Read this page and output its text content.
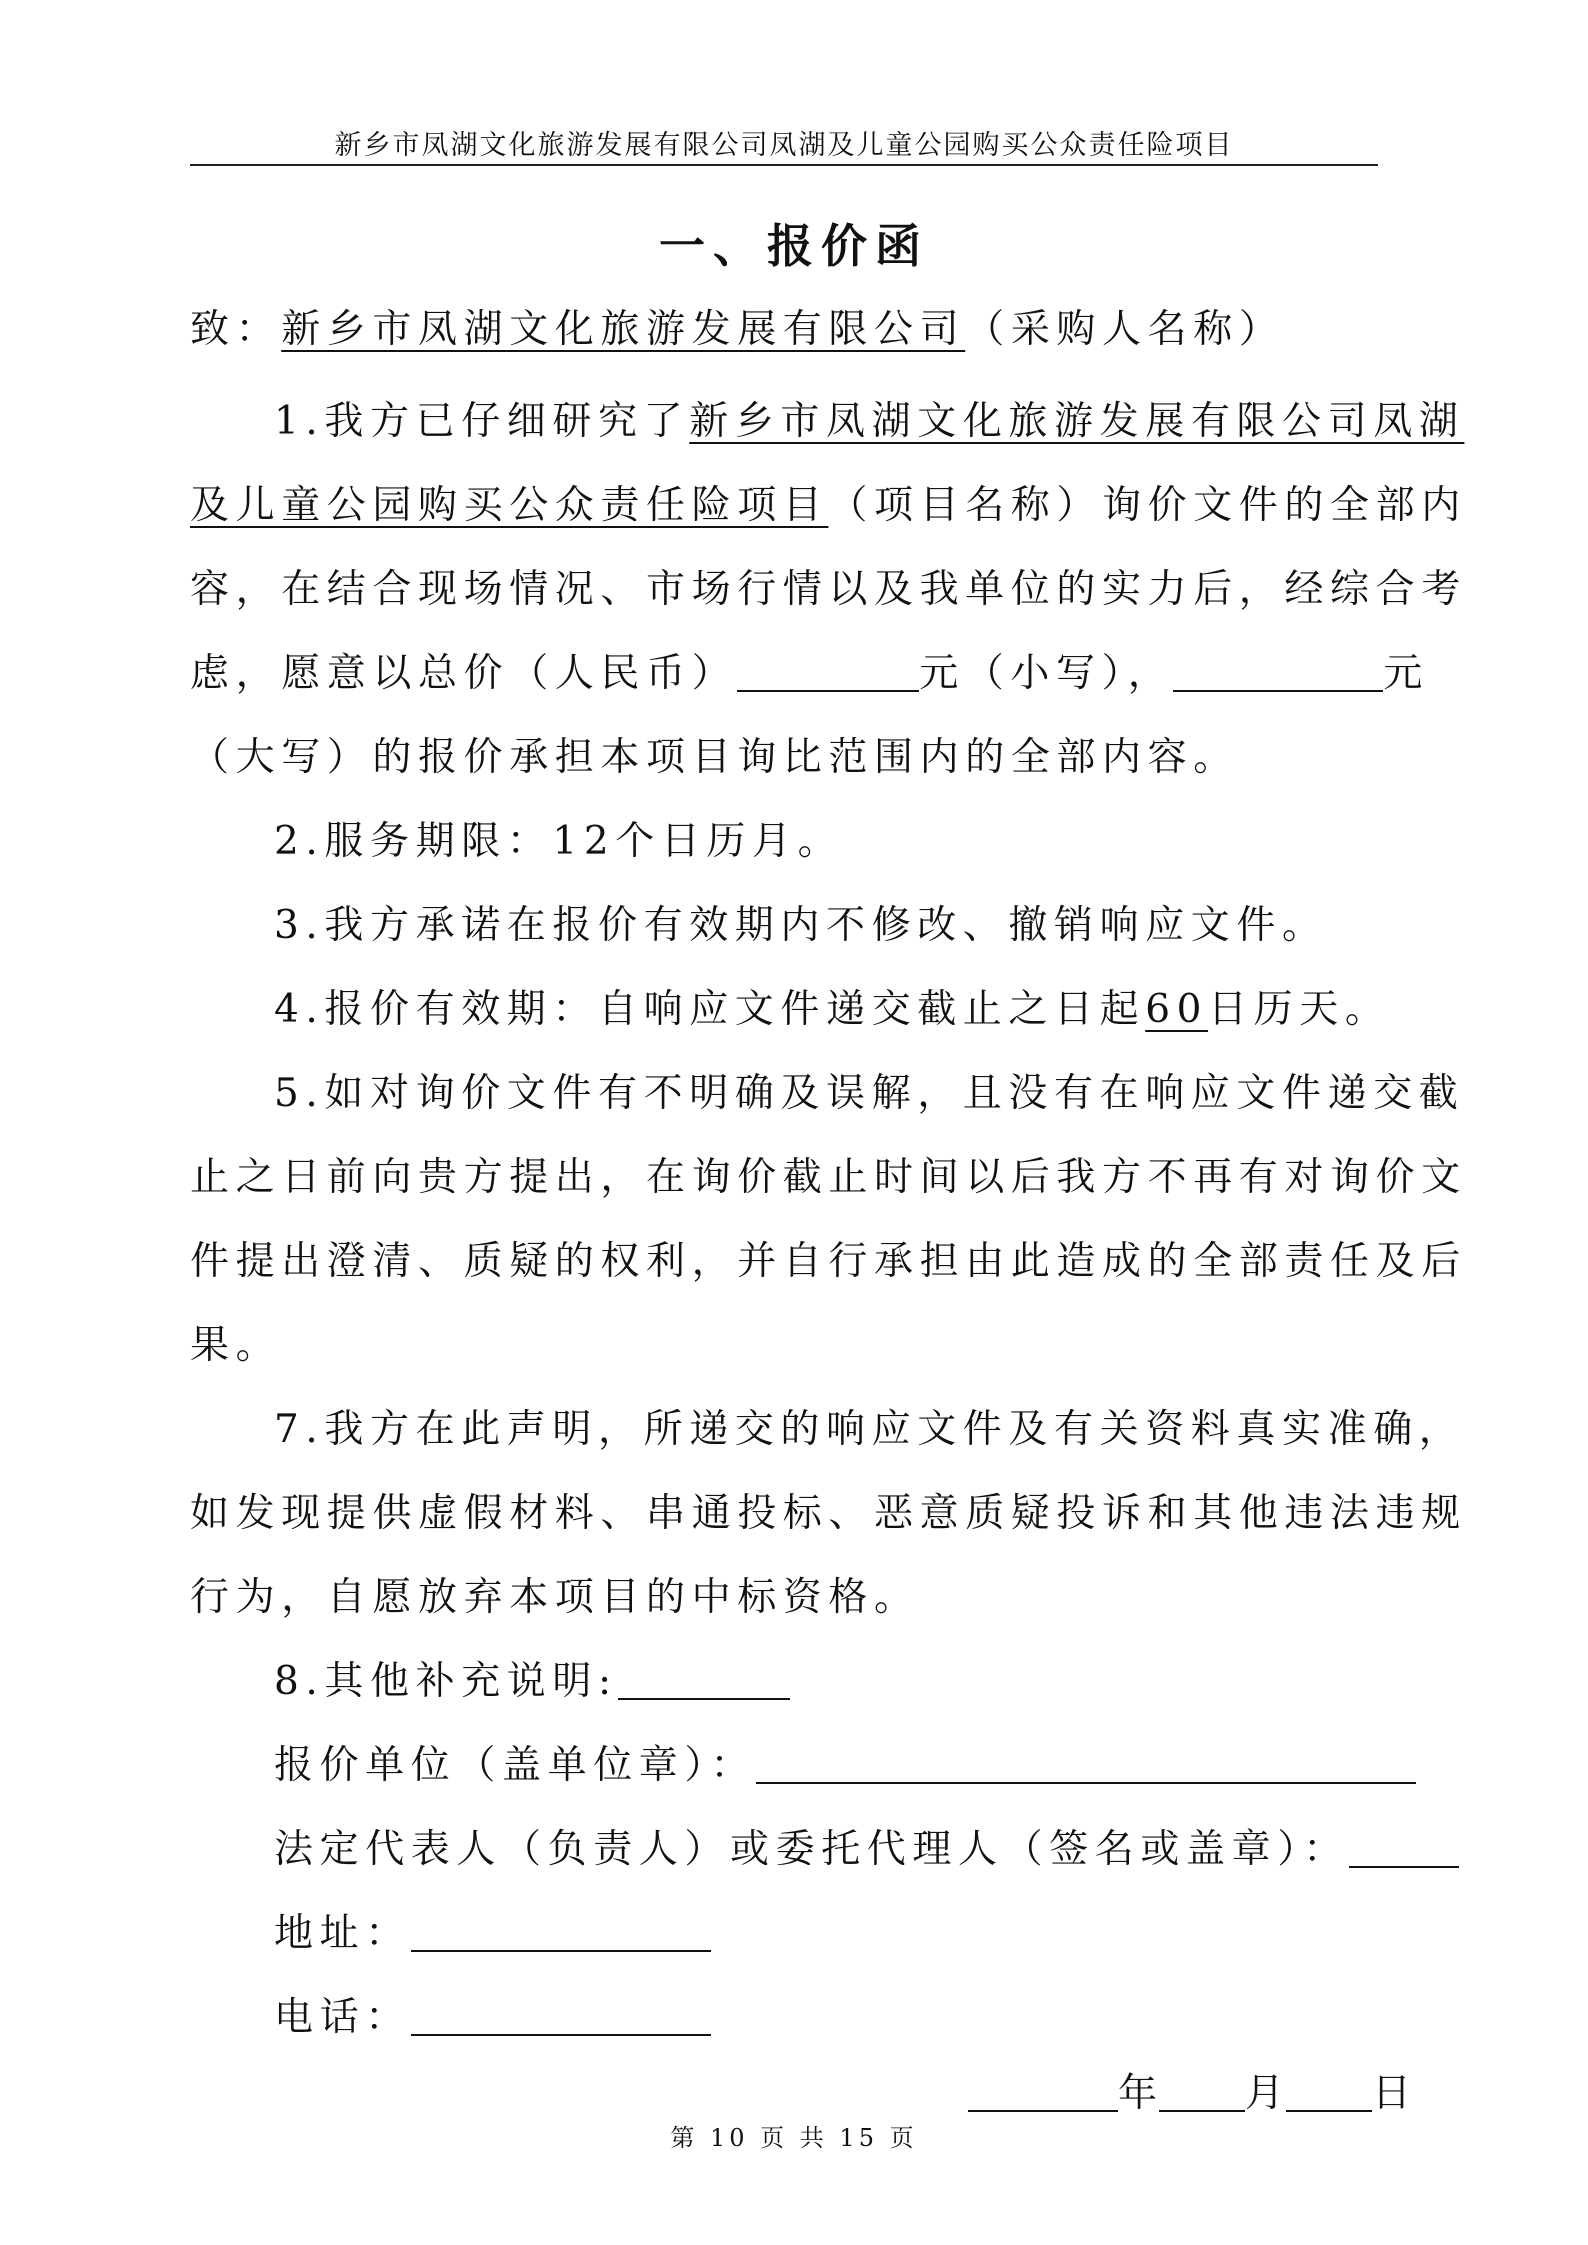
新乡市凤湖文化旅游发展有限公司凤湖及儿童公园购买公众责任险项目
一、报价函
致：新乡市凤湖文化旅游发展有限公司（采购人名称）
1.我方已仔细研究了新乡市凤湖文化旅游发展有限公司凤湖
及儿童公园购买公众责任险项目（项目名称）询价文件的全部内
容，在结合现场情况、市场行情以及我单位的实力后，经综合考
虑，愿意以总价（人民币）	元（小写），	元
（大写）的报价承担本项目询比范围内的全部内容。
2.服务期限：12个日历月。
3.我方承诺在报价有效期内不修改、撤销响应文件。
4.报价有效期：自响应文件递交截止之日起60日历天。
5.如对询价文件有不明确及误解，且没有在响应文件递交截
止之日前向贵方提出，在询价截止时间以后我方不再有对询价文
件提出澄清、质疑的权利，并自行承担由此造成的全部责任及后
果。
7.我方在此声明，所递交的响应文件及有关资料真实准确，
如发现提供虚假材料、串通投标、恶意质疑投诉和其他违法违规
行为，自愿放弃本项目的中标资格。
8.其他补充说明:
报价单位（盖单位章）：
法定代表人（负责人）或委托代理人（签名或盖章）：
地址：
电话：
年 月 日
第 10 页 共 15 页
